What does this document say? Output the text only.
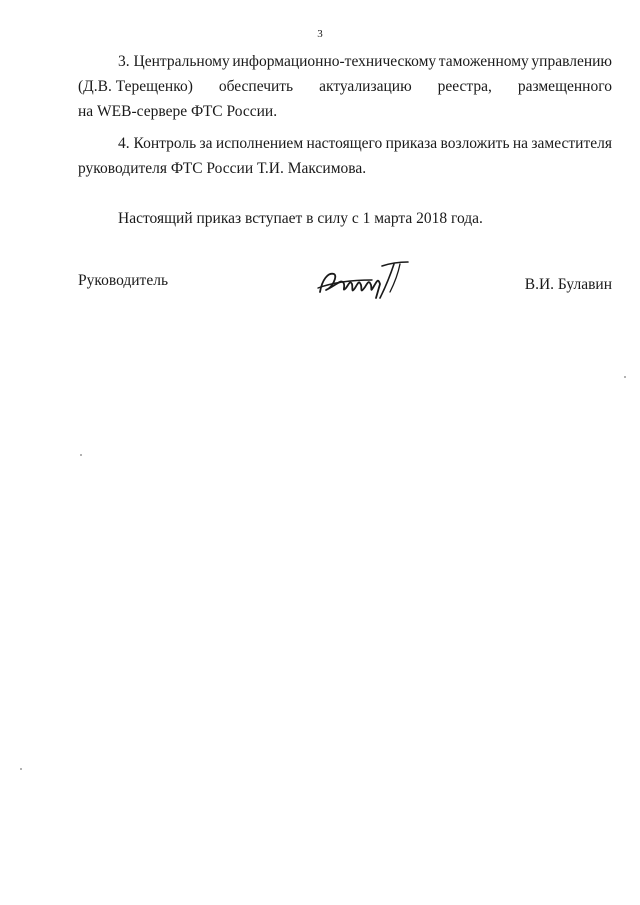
3
3. Центральному информационно-техническому таможенному управлению
(Д.В. Терещенко) обеспечить актуализацию реестра, размещенного
на WEB-сервере ФТС России.
4. Контроль за исполнением настоящего приказа возложить на заместителя
руководителя ФТС России Т.И. Максимова.
Настоящий приказ вступает в силу с 1 марта 2018 года.
Руководитель	В.И. Булавин
